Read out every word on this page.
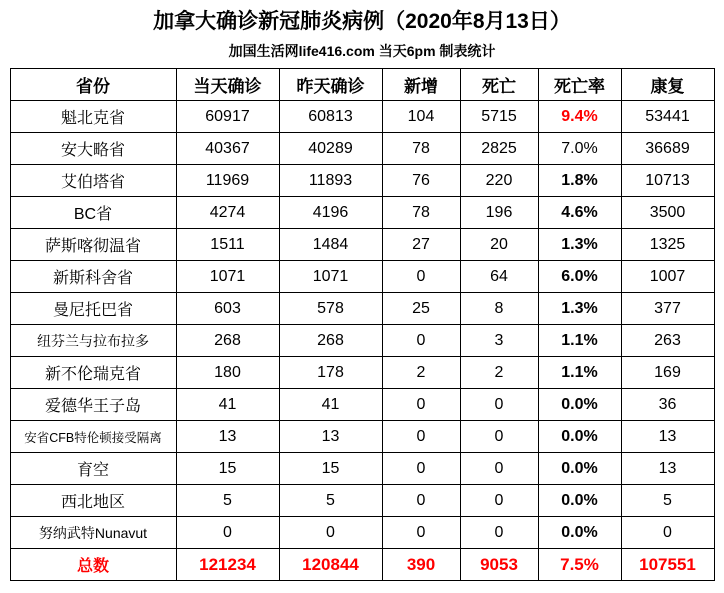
加拿大确诊新冠肺炎病例（2020年8月13日）
加国生活网life416.com 当天6pm 制表统计
省份	当天确诊	昨天确诊	新增	死亡	死亡率	康复
魁北克省	60917	60813	104	5715	9.4%	53441
安大略省	40367	40289	78	2825	7.0%	36689
艾伯塔省	11969	11893	76	220	1.8%	10713
BC省	4274	4196	78	196	4.6%	3500
萨斯喀彻温省	1511	1484	27	20	1.3%	1325
新斯科舍省	1071	1071	0	64	6.0%	1007
曼尼托巴省	603	578	25	8	1.3%	377
纽芬兰与拉布拉多	268	268	0	3	1.1%	263
新不伦瑞克省	180	178	2	2	1.1%	169
爱德华王子岛	41	41	0	0	0.0%	36
安省CFB特伦顿接受隔离	13	13	0	0	0.0%	13
育空	15	15	0	0	0.0%	13
西北地区	5	5	0	0	0.0%	5
努纳武特Nunavut	0	0	0	0	0.0%	0
总数	121234	120844	390	9053	7.5%	107551
